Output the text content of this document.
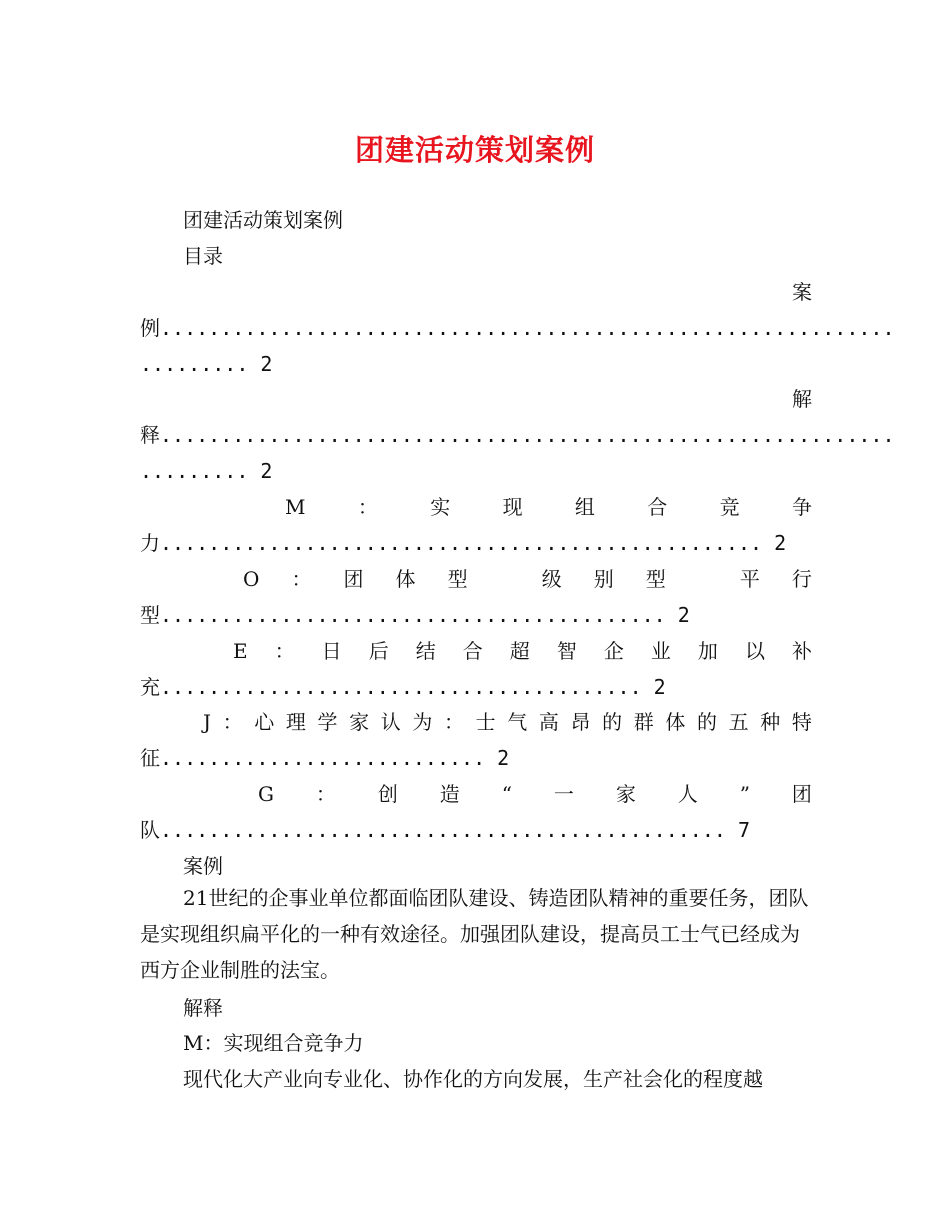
团建活动策划案例
团建活动策划案例
目录
案
例.............................................................
......... 2
解
释.............................................................
......... 2
M	：	实	现	组	合	竞	争
力.................................................. 2
O ： 团 体 型	级 别 型	平 行
型.......................................... 2
E ： 日 后 结 合 超 智 企 业 加 以 补
充........................................ 2
J ： 心 理 学 家 认 为 ： 士 气 高 昂 的 群 体 的 五 种 特
征........................... 2
G ： 创 造 “ 一 家 人 ” 团
队............................................... 7
案例
21世纪的企事业单位都面临团队建设、铸造团队精神的重要任务，团队是实现组织扁平化的一种有效途径。加强团队建设，提高员工士气已经成为西方企业制胜的法宝。
解释
M：实现组合竞争力
现代化大产业向专业化、协作化的方向发展，生产社会化的程度越
